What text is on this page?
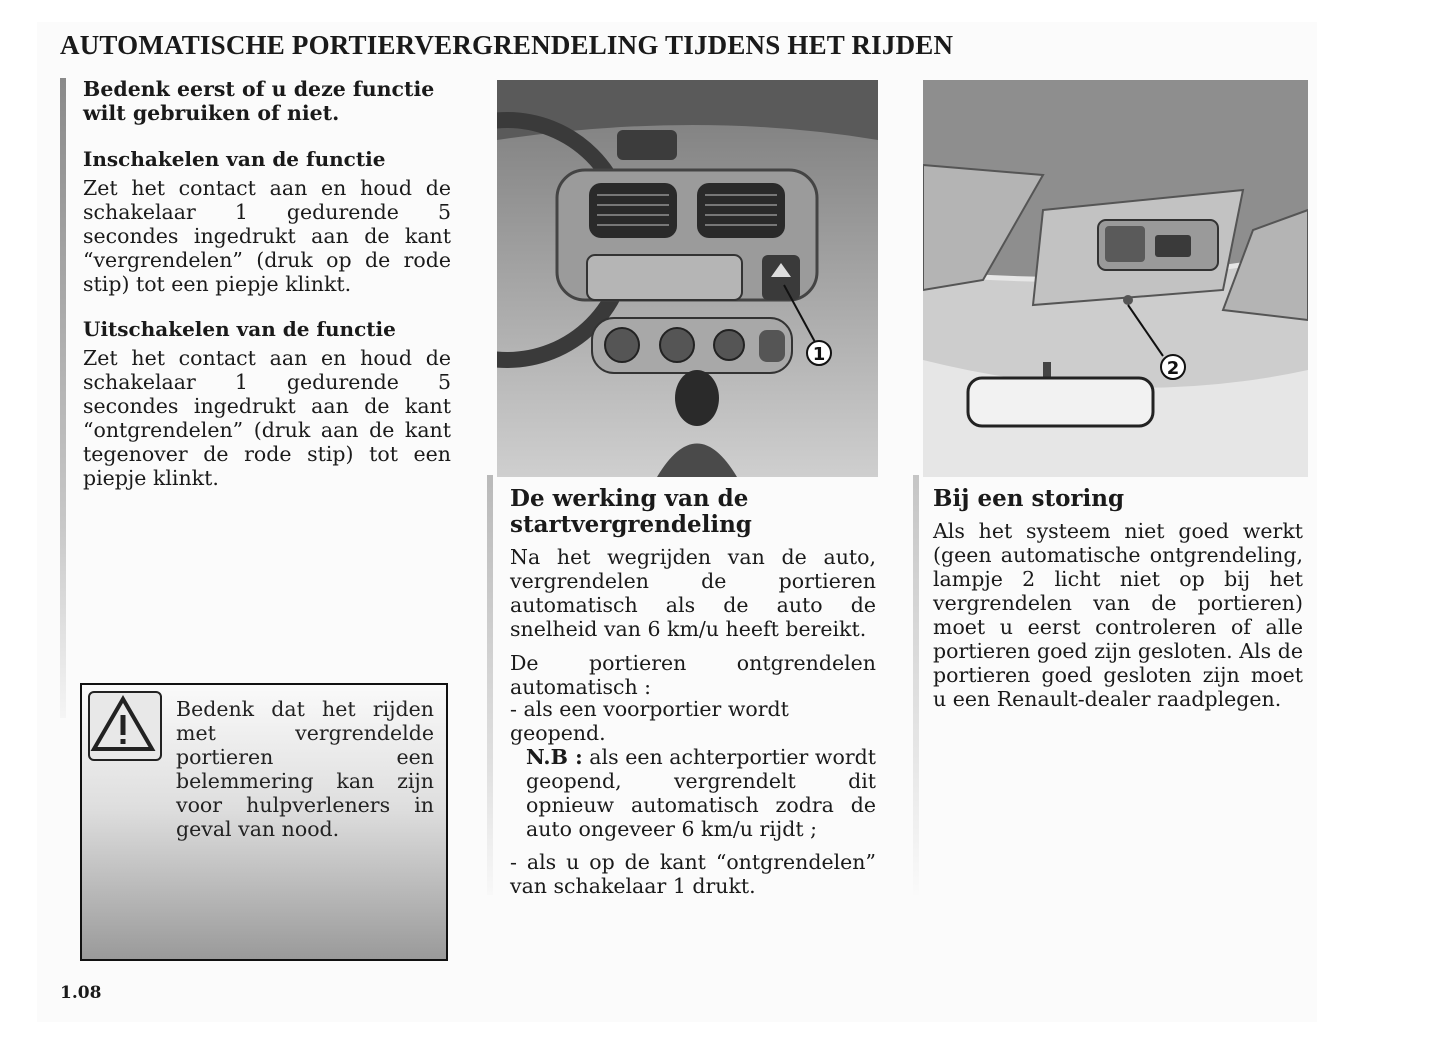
AUTOMATISCHE PORTIERVERGRENDELING TIJDENS HET RIJDEN
Bedenk eerst of u deze functie wilt gebruiken of niet.
Inschakelen van de functie
Zet het contact aan en houd de schakelaar 1 gedurende 5 secondes ingedrukt aan de kant “vergrendelen” (druk op de rode stip) tot een piepje klinkt.
Uitschakelen van de functie
Zet het contact aan en houd de schakelaar 1 gedurende 5 secondes ingedrukt aan de kant “ontgrendelen” (druk aan de kant tegenover de rode stip) tot een piepje klinkt.
Bedenk dat het rijden met vergrendelde portieren een belemmering kan zijn voor hulpverleners in geval van nood.
1
De werking van de startvergrendeling
Na het wegrijden van de auto, vergrendelen de portieren automatisch als de auto de snelheid van 6 km/u heeft bereikt.
De portieren ontgrendelen automatisch :
- als een voorportier wordt geopend.
N.B : als een achterportier wordt geopend, vergrendelt dit opnieuw automatisch zodra de auto ongeveer 6 km/u rijdt ;
- als u op de kant “ontgrendelen” van schakelaar 1 drukt.
2
Bij een storing
Als het systeem niet goed werkt (geen automatische ontgrendeling, lampje 2 licht niet op bij het vergrendelen van de portieren) moet u eerst controleren of alle portieren goed zijn gesloten. Als de portieren goed gesloten zijn moet u een Renault-dealer raadplegen.
1.08
